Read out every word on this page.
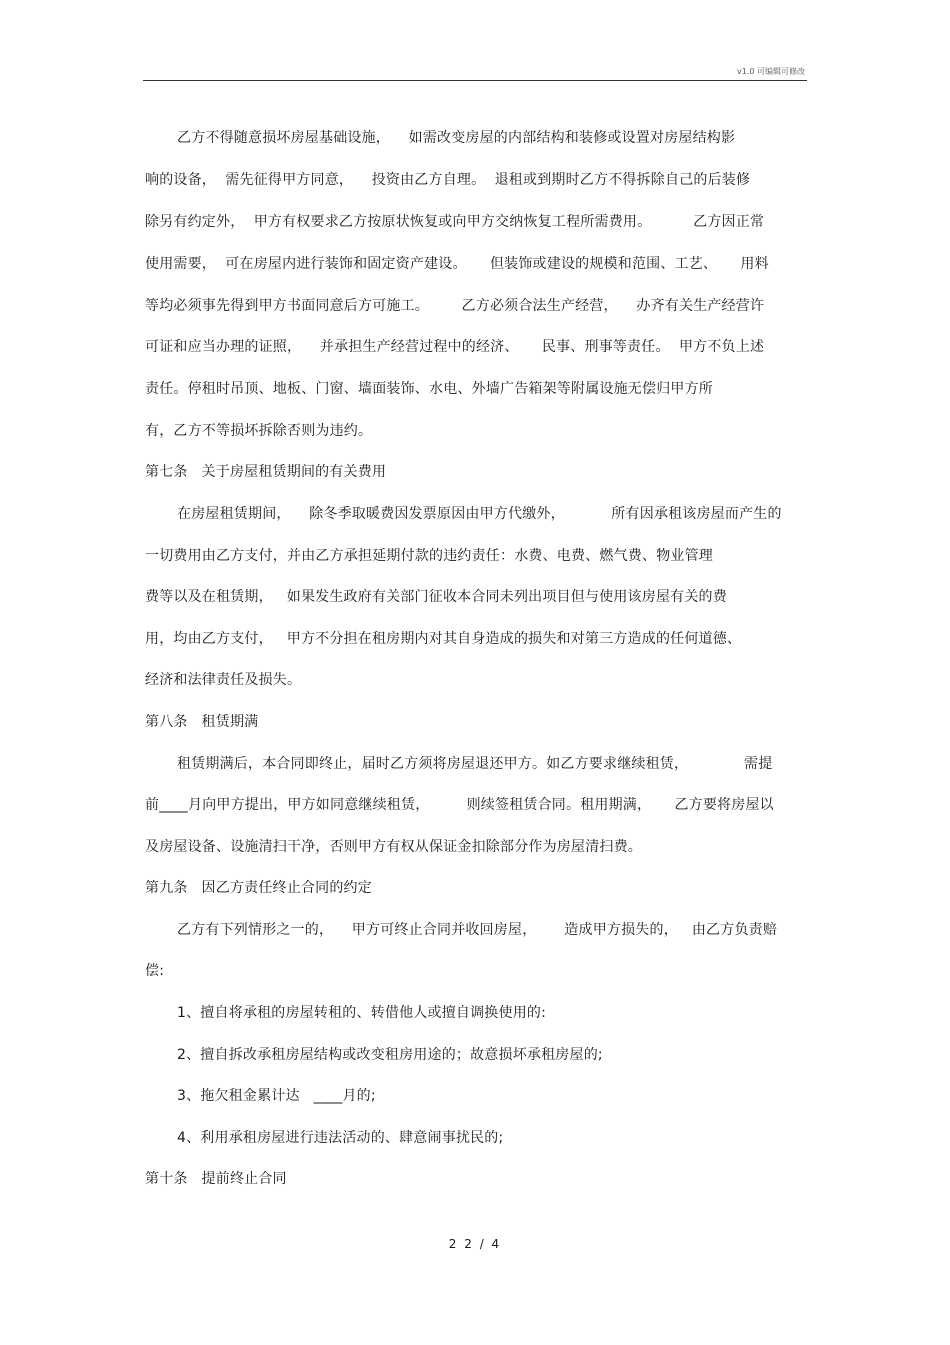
v1.0 可编辑可修改
乙方不得随意损坏房屋基础设施，    如需改变房屋的内部结构和装修或设置对房屋结构影
响的设备，  需先征得甲方同意，    投资由乙方自理。  退租或到期时乙方不得拆除自己的后装修
除另有约定外，  甲方有权要求乙方按原状恢复或向甲方交纳恢复工程所需费用。         乙方因正常
使用需要，  可在房屋内进行装饰和固定资产建设。     但装饰或建设的规模和范围、工艺、     用料
等均必须事先得到甲方书面同意后方可施工。       乙方必须合法生产经营，    办齐有关生产经营许
可证和应当办理的证照，    并承担生产经营过程中的经济、     民事、刑事等责任。  甲方不负上述
责任。停租时吊顶、地板、门窗、墙面装饰、水电、外墙广告箱架等附属设施无偿归甲方所
有，乙方不等损坏拆除否则为违约。
第七条   关于房屋租赁期间的有关费用
在房屋租赁期间，    除冬季取暖费因发票原因由甲方代缴外，          所有因承租该房屋而产生的
一切费用由乙方支付，并由乙方承担延期付款的违约责任：水费、电费、燃气费、物业管理
费等以及在租赁期，   如果发生政府有关部门征收本合同未列出项目但与使用该房屋有关的费
用，均由乙方支付，   甲方不分担在租房期内对其自身造成的损失和对第三方造成的任何道德、
经济和法律责任及损失。
第八条   租赁期满
租赁期满后，本合同即终止，届时乙方须将房屋退还甲方。如乙方要求继续租赁，            需提
前____月向甲方提出，甲方如同意继续租赁，        则续签租赁合同。租用期满，     乙方要将房屋以
及房屋设备、设施清扫干净，否则甲方有权从保证金扣除部分作为房屋清扫费。
第九条   因乙方责任终止合同的约定
乙方有下列情形之一的，    甲方可终止合同并收回房屋，      造成甲方损失的，   由乙方负责赔
偿:
1、擅自将承租的房屋转租的、转借他人或擅自调换使用的:
2、擅自拆改承租房屋结构或改变租房用途的；故意损坏承租房屋的;
3、拖欠租金累计达   ____月的;
4、利用承租房屋进行违法活动的、肆意闹事扰民的;
第十条   提前终止合同
2 2 / 4
